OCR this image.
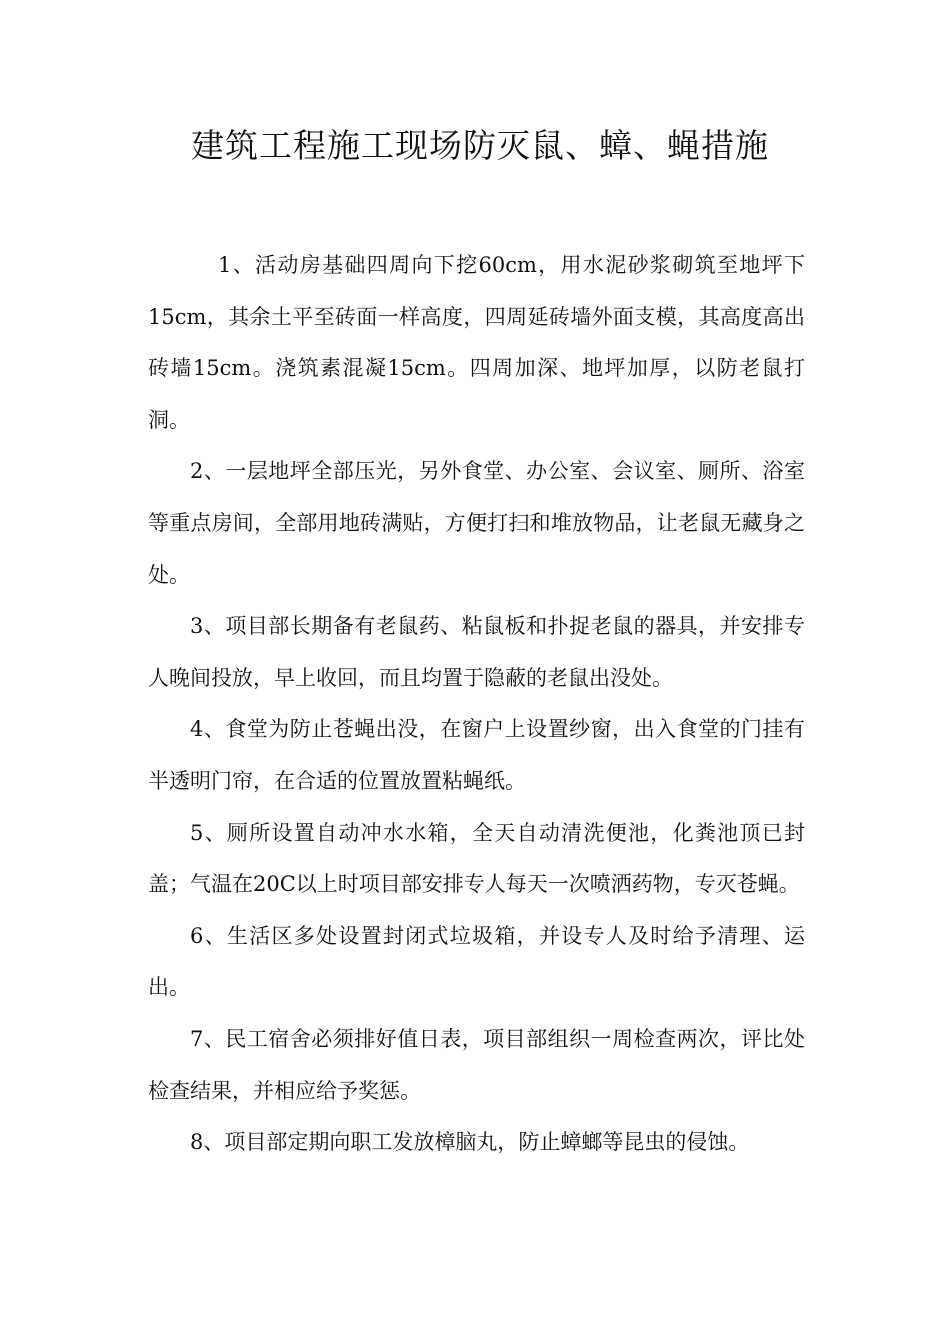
建筑工程施工现场防灭鼠、蟑、蝇措施

1、活动房基础四周向下挖60cm，用水泥砂浆砌筑至地坪下15cm，其余土平至砖面一样高度，四周延砖墙外面支模，其高度高出砖墙15cm。浇筑素混凝15cm。四周加深、地坪加厚，以防老鼠打洞。

2、一层地坪全部压光，另外食堂、办公室、会议室、厕所、浴室等重点房间，全部用地砖满贴，方便打扫和堆放物品，让老鼠无藏身之处。

3、项目部长期备有老鼠药、粘鼠板和扑捉老鼠的器具，并安排专人晚间投放，早上收回，而且均置于隐蔽的老鼠出没处。

4、食堂为防止苍蝇出没，在窗户上设置纱窗，出入食堂的门挂有半透明门帘，在合适的位置放置粘蝇纸。

5、厕所设置自动冲水水箱，全天自动清洗便池，化粪池顶已封盖；气温在20C以上时项目部安排专人每天一次喷洒药物，专灭苍蝇。

6、生活区多处设置封闭式垃圾箱，并设专人及时给予清理、运出。

7、民工宿舍必须排好值日表，项目部组织一周检查两次，评比处检查结果，并相应给予奖惩。

8、项目部定期向职工发放樟脑丸，防止蟑螂等昆虫的侵蚀。
